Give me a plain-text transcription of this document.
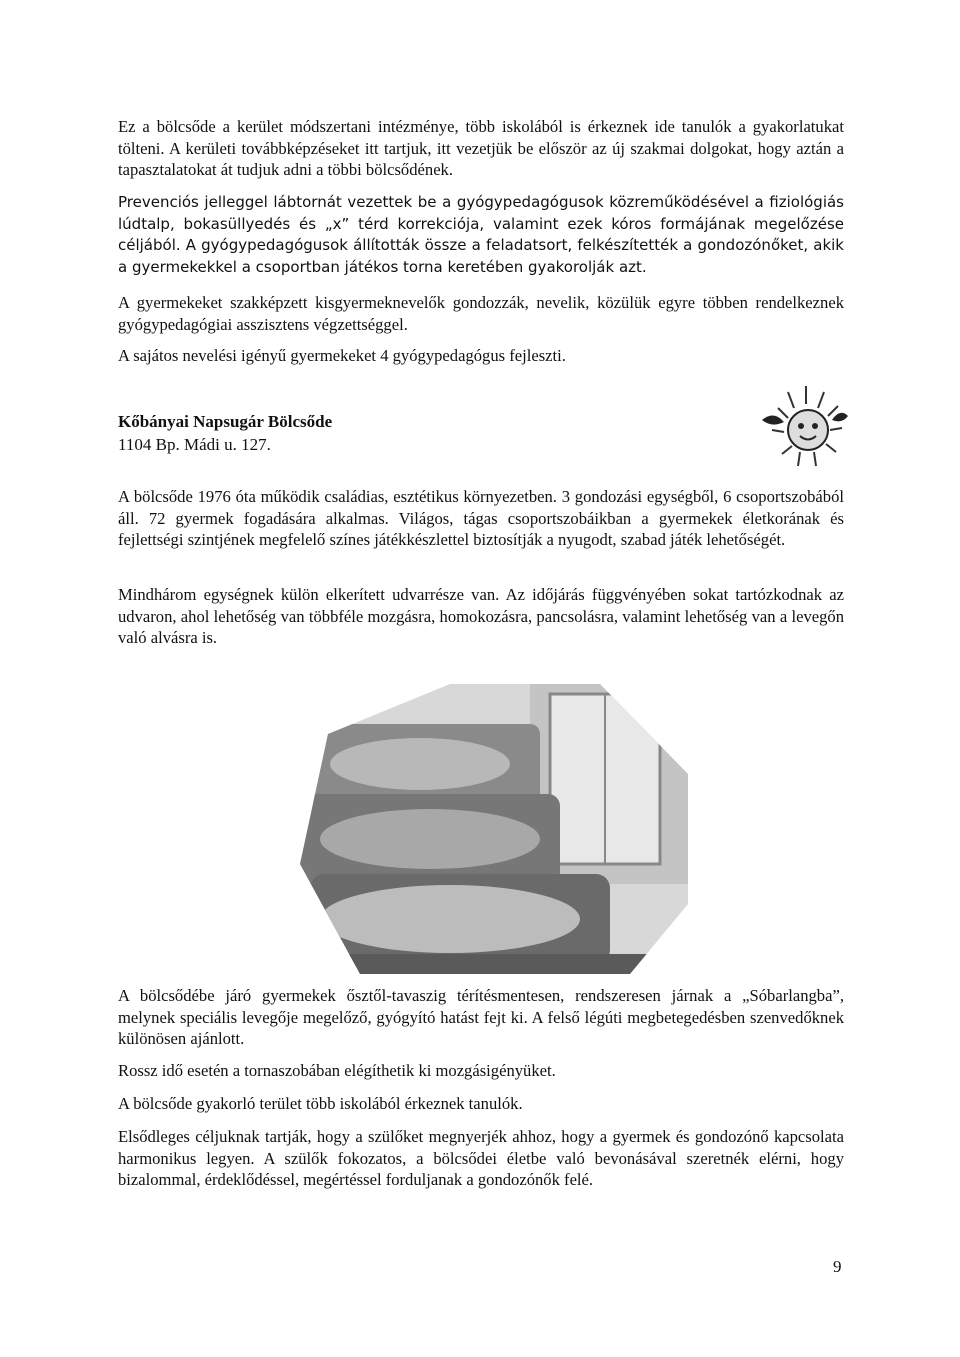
Ez a bölcsőde a kerület módszertani intézménye, több iskolából is érkeznek ide tanulók a gyakorlatukat tölteni. A kerületi továbbképzéseket itt tartjuk, itt vezetjük be először az új szakmai dolgokat, hogy aztán a tapasztalatokat át tudjuk adni a többi bölcsődének.

Prevenciós jelleggel lábtornát vezettek be a gyógypedagógusok közreműködésével a fiziológiás lúdtalp, bokasüllyedés és „x” térd korrekciója, valamint ezek kóros formájának megelőzése céljából. A gyógypedagógusok állították össze a feladatsort, felkészítették a gondozónőket, akik a gyermekekkel a csoportban játékos torna keretében gyakorolják azt.

A gyermekeket szakképzett kisgyermeknevelők gondozzák, nevelik, közülük egyre többen rendelkeznek gyógypedagógiai asszisztens végzettséggel.

A sajátos nevelési igényű gyermekeket 4 gyógypedagógus fejleszti.

Kőbányai Napsugár Bölcsőde

1104 Bp. Mádi u. 127.

A bölcsőde 1976 óta működik családias, esztétikus környezetben. 3 gondozási egységből, 6 csoportszobából áll. 72 gyermek fogadására alkalmas. Világos, tágas csoportszobáikban a gyermekek életkorának és fejlettségi szintjének megfelelő színes játékkészlettel biztosítják a nyugodt, szabad játék lehetőségét.

Mindhárom egységnek külön elkerített udvarrésze van. Az időjárás függvényében sokat tartózkodnak az udvaron, ahol lehetőség van többféle mozgásra, homokozásra, pancsolásra, valamint lehetőség van a levegőn való alvásra is.

A bölcsődébe járó gyermekek ősztől-tavaszig térítésmentesen, rendszeresen járnak a „Sóbarlangba”, melynek speciális levegője megelőző, gyógyító hatást fejt ki. A felső légúti megbetegedésben szenvedőknek különösen ajánlott.

Rossz idő esetén a tornaszobában elégíthetik ki mozgásigényüket.

A bölcsőde gyakorló terület több iskolából érkeznek tanulók.

Elsődleges céljuknak tartják, hogy a szülőket megnyerjék ahhoz, hogy a gyermek és gondozónő kapcsolata harmonikus legyen. A szülők fokozatos, a bölcsődei életbe való bevonásával szeretnék elérni, hogy bizalommal, érdeklődéssel, megértéssel forduljanak a gondozónők felé.

9
